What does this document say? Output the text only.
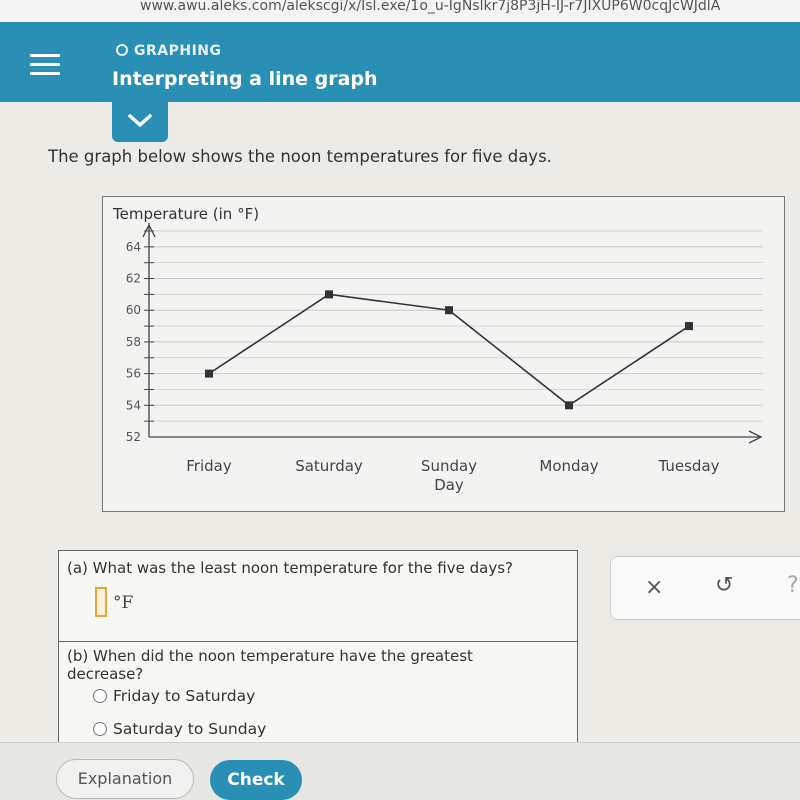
www.awu.aleks.com/alekscgi/x/Isl.exe/1o_u-IgNslkr7j8P3jH-IJ-r7JIXUP6W0cqJcWJdlA
GRAPHING
Interpreting a line graph
The graph below shows the noon temperatures for five days.
Temperature (in °F)
52
54
56
58
60
62
64
Friday	Saturday	Sunday	Monday	Tuesday
Day
(a) What was the least noon temperature for the five days?
°F
(b) When did the noon temperature have the greatest decrease?
Friday to Saturday
Saturday to Sunday
× ↺ ?
Explanation	Check
